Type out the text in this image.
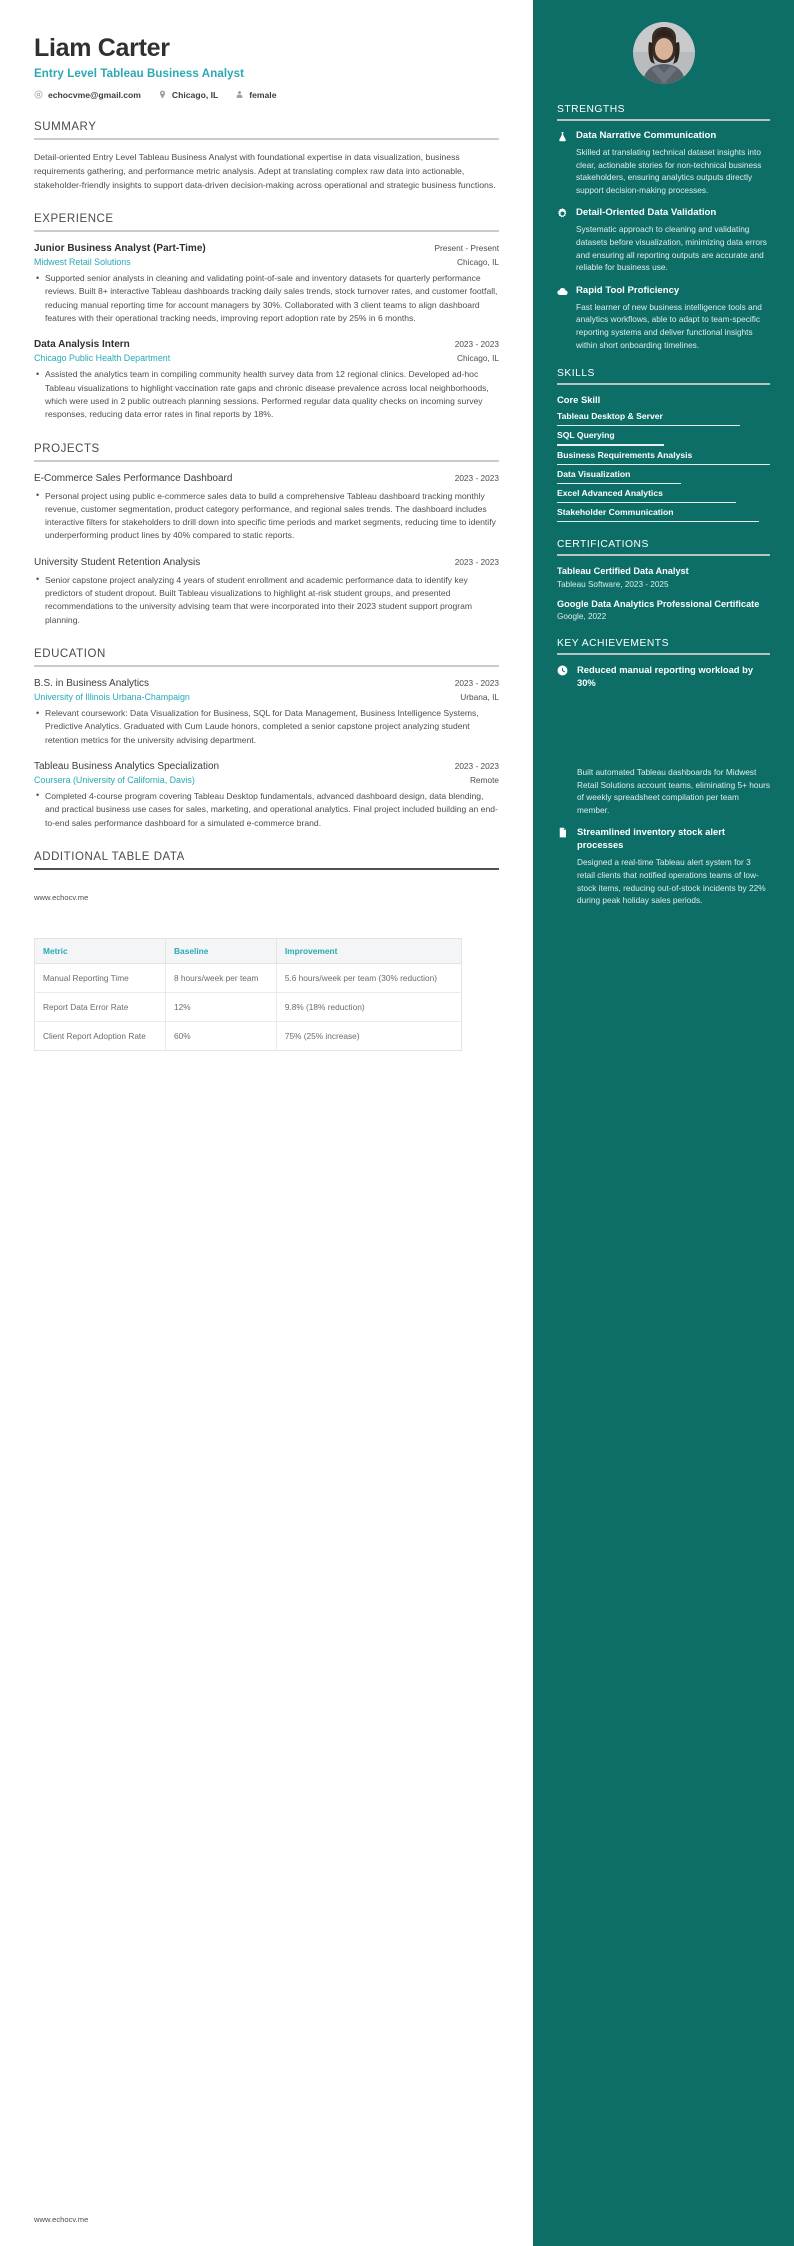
Liam Carter
Entry Level Tableau Business Analyst
echocvme@gmail.com	Chicago, IL	female
SUMMARY
Detail-oriented Entry Level Tableau Business Analyst with foundational expertise in data visualization, business requirements gathering, and performance metric analysis. Adept at translating complex raw data into actionable, stakeholder-friendly insights to support data-driven decision-making across operational and strategic business functions.
EXPERIENCE
Junior Business Analyst (Part-Time)	Present - Present
Midwest Retail Solutions	Chicago, IL
• Supported senior analysts in cleaning and validating point-of-sale and inventory datasets for quarterly performance reviews. Built 8+ interactive Tableau dashboards tracking daily sales trends, stock turnover rates, and customer footfall, reducing manual reporting time for account managers by 30%. Collaborated with 3 client teams to align dashboard features with their operational tracking needs, improving report adoption rate by 25% in 6 months.
Data Analysis Intern	2023 - 2023
Chicago Public Health Department	Chicago, IL
• Assisted the analytics team in compiling community health survey data from 12 regional clinics. Developed ad-hoc Tableau visualizations to highlight vaccination rate gaps and chronic disease prevalence across local neighborhoods, which were used in 2 public outreach planning sessions. Performed regular data quality checks on incoming survey responses, reducing data error rates in final reports by 18%.
PROJECTS
E-Commerce Sales Performance Dashboard	2023 - 2023
• Personal project using public e-commerce sales data to build a comprehensive Tableau dashboard tracking monthly revenue, customer segmentation, product category performance, and regional sales trends. The dashboard includes interactive filters for stakeholders to drill down into specific time periods and market segments, reducing time to identify underperforming product lines by 40% compared to static reports.
University Student Retention Analysis	2023 - 2023
• Senior capstone project analyzing 4 years of student enrollment and academic performance data to identify key predictors of student dropout. Built Tableau visualizations to highlight at-risk student groups, and presented recommendations to the university advising team that were incorporated into their 2023 student support program planning.
EDUCATION
B.S. in Business Analytics	2023 - 2023
University of Illinois Urbana-Champaign	Urbana, IL
• Relevant coursework: Data Visualization for Business, SQL for Data Management, Business Intelligence Systems, Predictive Analytics. Graduated with Cum Laude honors, completed a senior capstone project analyzing student retention metrics for the university advising department.
Tableau Business Analytics Specialization	2023 - 2023
Coursera (University of California, Davis)	Remote
• Completed 4-course program covering Tableau Desktop fundamentals, advanced dashboard design, data blending, and practical business use cases for sales, marketing, and operational analytics. Final project included building an end-to-end sales performance dashboard for a simulated e-commerce brand.
ADDITIONAL TABLE DATA
www.echocv.me
Metric	Baseline	Improvement
Manual Reporting Time	8 hours/week per team	5.6 hours/week per team (30% reduction)
Report Data Error Rate	12%	9.8% (18% reduction)
Client Report Adoption Rate	60%	75% (25% increase)
www.echocv.me
STRENGTHS
Data Narrative Communication
Skilled at translating technical dataset insights into clear, actionable stories for non-technical business stakeholders, ensuring analytics outputs directly support decision-making processes.
Detail-Oriented Data Validation
Systematic approach to cleaning and validating datasets before visualization, minimizing data errors and ensuring all reporting outputs are accurate and reliable for business use.
Rapid Tool Proficiency
Fast learner of new business intelligence tools and analytics workflows, able to adapt to team-specific reporting systems and deliver functional insights within short onboarding timelines.
SKILLS
Core Skill
Tableau Desktop & Server
SQL Querying
Business Requirements Analysis
Data Visualization
Excel Advanced Analytics
Stakeholder Communication
CERTIFICATIONS
Tableau Certified Data Analyst
Tableau Software, 2023 - 2025
Google Data Analytics Professional Certificate
Google, 2022
KEY ACHIEVEMENTS
Reduced manual reporting workload by 30%
Built automated Tableau dashboards for Midwest Retail Solutions account teams, eliminating 5+ hours of weekly spreadsheet compilation per team member.
Streamlined inventory stock alert processes
Designed a real-time Tableau alert system for 3 retail clients that notified operations teams of low-stock items, reducing out-of-stock incidents by 22% during peak holiday sales periods.
